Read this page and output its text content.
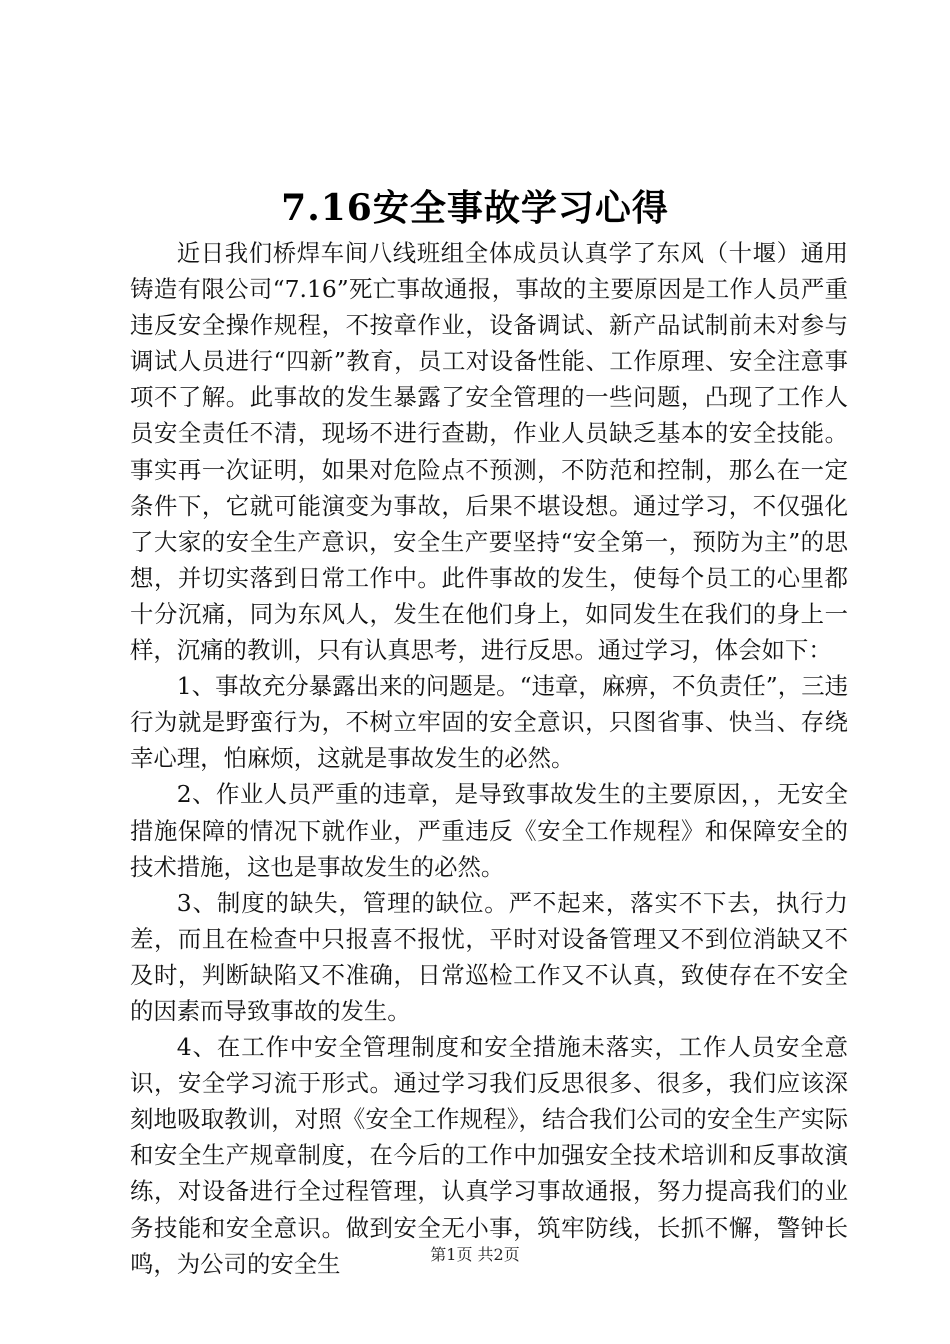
7.16安全事故学习心得

近日我们桥焊车间八线班组全体成员认真学了东风（十堰）通用铸造有限公司“7.16”死亡事故通报，事故的主要原因是工作人员严重违反安全操作规程，不按章作业，设备调试、新产品试制前未对参与调试人员进行“四新”教育，员工对设备性能、工作原理、安全注意事项不了解。此事故的发生暴露了安全管理的一些问题，凸现了工作人员安全责任不清，现场不进行查勘，作业人员缺乏基本的安全技能。事实再一次证明，如果对危险点不预测，不防范和控制，那么在一定条件下，它就可能演变为事故，后果不堪设想。通过学习，不仅强化了大家的安全生产意识，安全生产要坚持“安全第一，预防为主”的思想，并切实落到日常工作中。此件事故的发生，使每个员工的心里都十分沉痛，同为东风人，发生在他们身上，如同发生在我们的身上一样，沉痛的教训，只有认真思考，进行反思。通过学习，体会如下：

1、事故充分暴露出来的问题是。“违章，麻痹，不负责任”，三违行为就是野蛮行为，不树立牢固的安全意识，只图省事、快当、存绕幸心理，怕麻烦，这就是事故发生的必然。

2、作业人员严重的违章，是导致事故发生的主要原因，，无安全措施保障的情况下就作业，严重违反《安全工作规程》和保障安全的技术措施，这也是事故发生的必然。

3、制度的缺失，管理的缺位。严不起来，落实不下去，执行力差，而且在检查中只报喜不报忧，平时对设备管理又不到位消缺又不及时，判断缺陷又不准确，日常巡检工作又不认真，致使存在不安全的因素而导致事故的发生。

4、在工作中安全管理制度和安全措施未落实，工作人员安全意识，安全学习流于形式。通过学习我们反思很多、很多，我们应该深刻地吸取教训，对照《安全工作规程》，结合我们公司的安全生产实际和安全生产规章制度，在今后的工作中加强安全技术培训和反事故演练，对设备进行全过程管理，认真学习事故通报，努力提高我们的业务技能和安全意识。做到安全无小事，筑牢防线，长抓不懈，警钟长鸣，为公司的安全生	第1页 共2页
